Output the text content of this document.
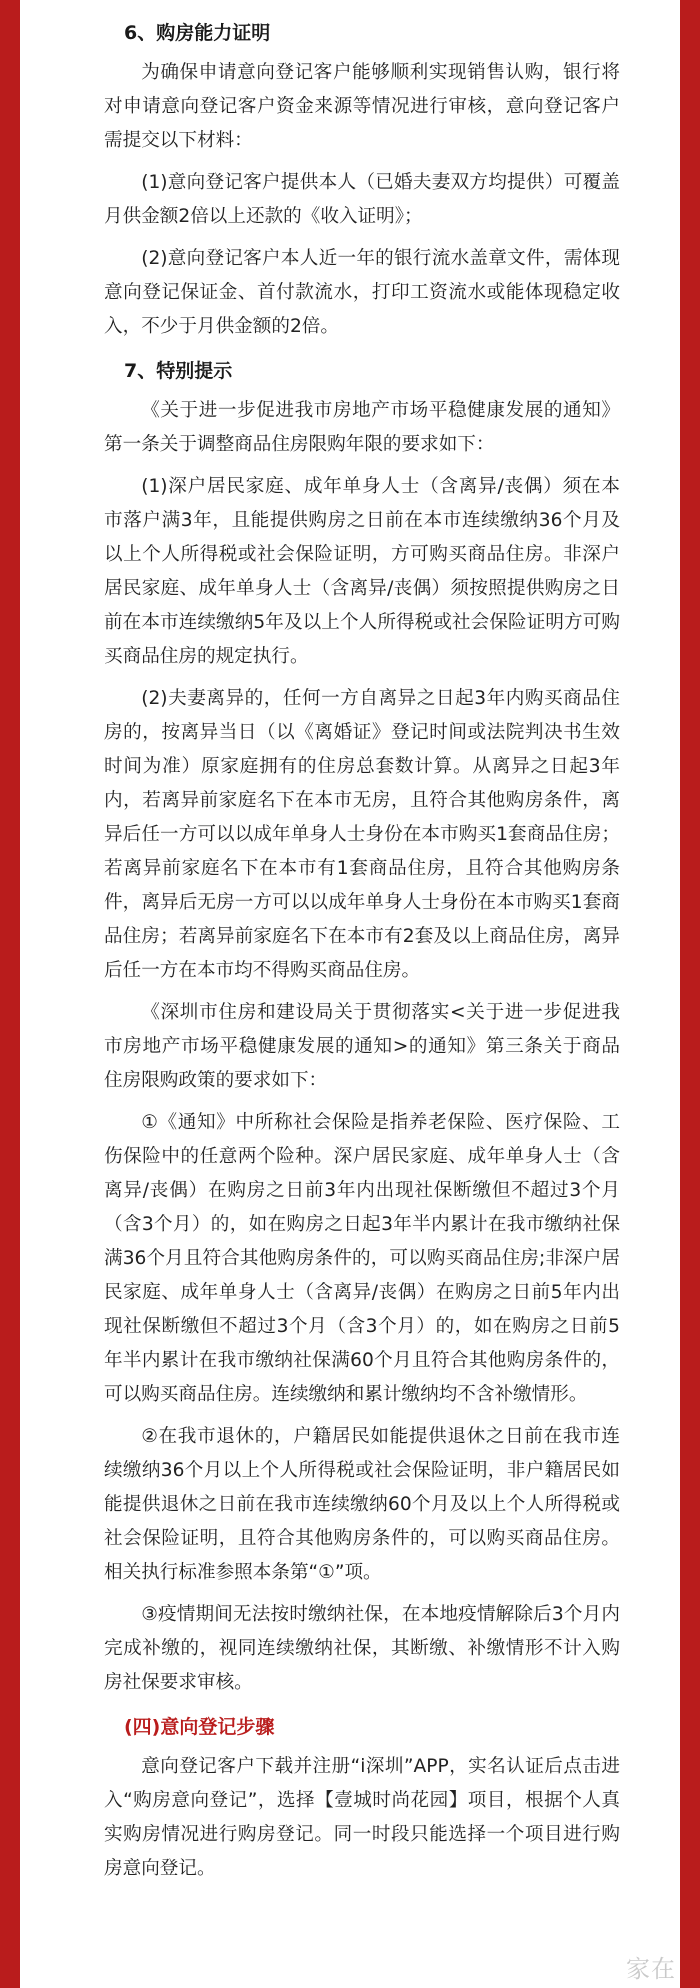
6、购房能力证明

为确保申请意向登记客户能够顺利实现销售认购，银行将对申请意向登记客户资金来源等情况进行审核，意向登记客户需提交以下材料：

(1)意向登记客户提供本人（已婚夫妻双方均提供）可覆盖月供金额2倍以上还款的《收入证明》；

(2)意向登记客户本人近一年的银行流水盖章文件，需体现意向登记保证金、首付款流水，打印工资流水或能体现稳定收入，不少于月供金额的2倍。

7、特别提示

《关于进一步促进我市房地产市场平稳健康发展的通知》第一条关于调整商品住房限购年限的要求如下：

(1)深户居民家庭、成年单身人士（含离异/丧偶）须在本市落户满3年，且能提供购房之日前在本市连续缴纳36个月及以上个人所得税或社会保险证明，方可购买商品住房。非深户居民家庭、成年单身人士（含离异/丧偶）须按照提供购房之日前在本市连续缴纳5年及以上个人所得税或社会保险证明方可购买商品住房的规定执行。

(2)夫妻离异的，任何一方自离异之日起3年内购买商品住房的，按离异当日（以《离婚证》登记时间或法院判决书生效时间为准）原家庭拥有的住房总套数计算。从离异之日起3年内，若离异前家庭名下在本市无房，且符合其他购房条件，离异后任一方可以以成年单身人士身份在本市购买1套商品住房；若离异前家庭名下在本市有1套商品住房，且符合其他购房条件，离异后无房一方可以以成年单身人士身份在本市购买1套商品住房；若离异前家庭名下在本市有2套及以上商品住房，离异后任一方在本市均不得购买商品住房。

《深圳市住房和建设局关于贯彻落实<关于进一步促进我市房地产市场平稳健康发展的通知>的通知》第三条关于商品住房限购政策的要求如下：

①《通知》中所称社会保险是指养老保险、医疗保险、工伤保险中的任意两个险种。深户居民家庭、成年单身人士（含离异/丧偶）在购房之日前3年内出现社保断缴但不超过3个月（含3个月）的，如在购房之日起3年半内累计在我市缴纳社保满36个月且符合其他购房条件的，可以购买商品住房;非深户居民家庭、成年单身人士（含离异/丧偶）在购房之日前5年内出现社保断缴但不超过3个月（含3个月）的，如在购房之日前5年半内累计在我市缴纳社保满60个月且符合其他购房条件的，可以购买商品住房。连续缴纳和累计缴纳均不含补缴情形。

②在我市退休的，户籍居民如能提供退休之日前在我市连续缴纳36个月以上个人所得税或社会保险证明，非户籍居民如能提供退休之日前在我市连续缴纳60个月及以上个人所得税或社会保险证明，且符合其他购房条件的，可以购买商品住房。相关执行标准参照本条第“①”项。

③疫情期间无法按时缴纳社保，在本地疫情解除后3个月内完成补缴的，视同连续缴纳社保，其断缴、补缴情形不计入购房社保要求审核。

(四)意向登记步骤

意向登记客户下载并注册“i深圳”APP，实名认证后点击进入“购房意向登记”，选择【壹城时尚花园】项目，根据个人真实购房情况进行购房登记。同一时段只能选择一个项目进行购房意向登记。

家在
